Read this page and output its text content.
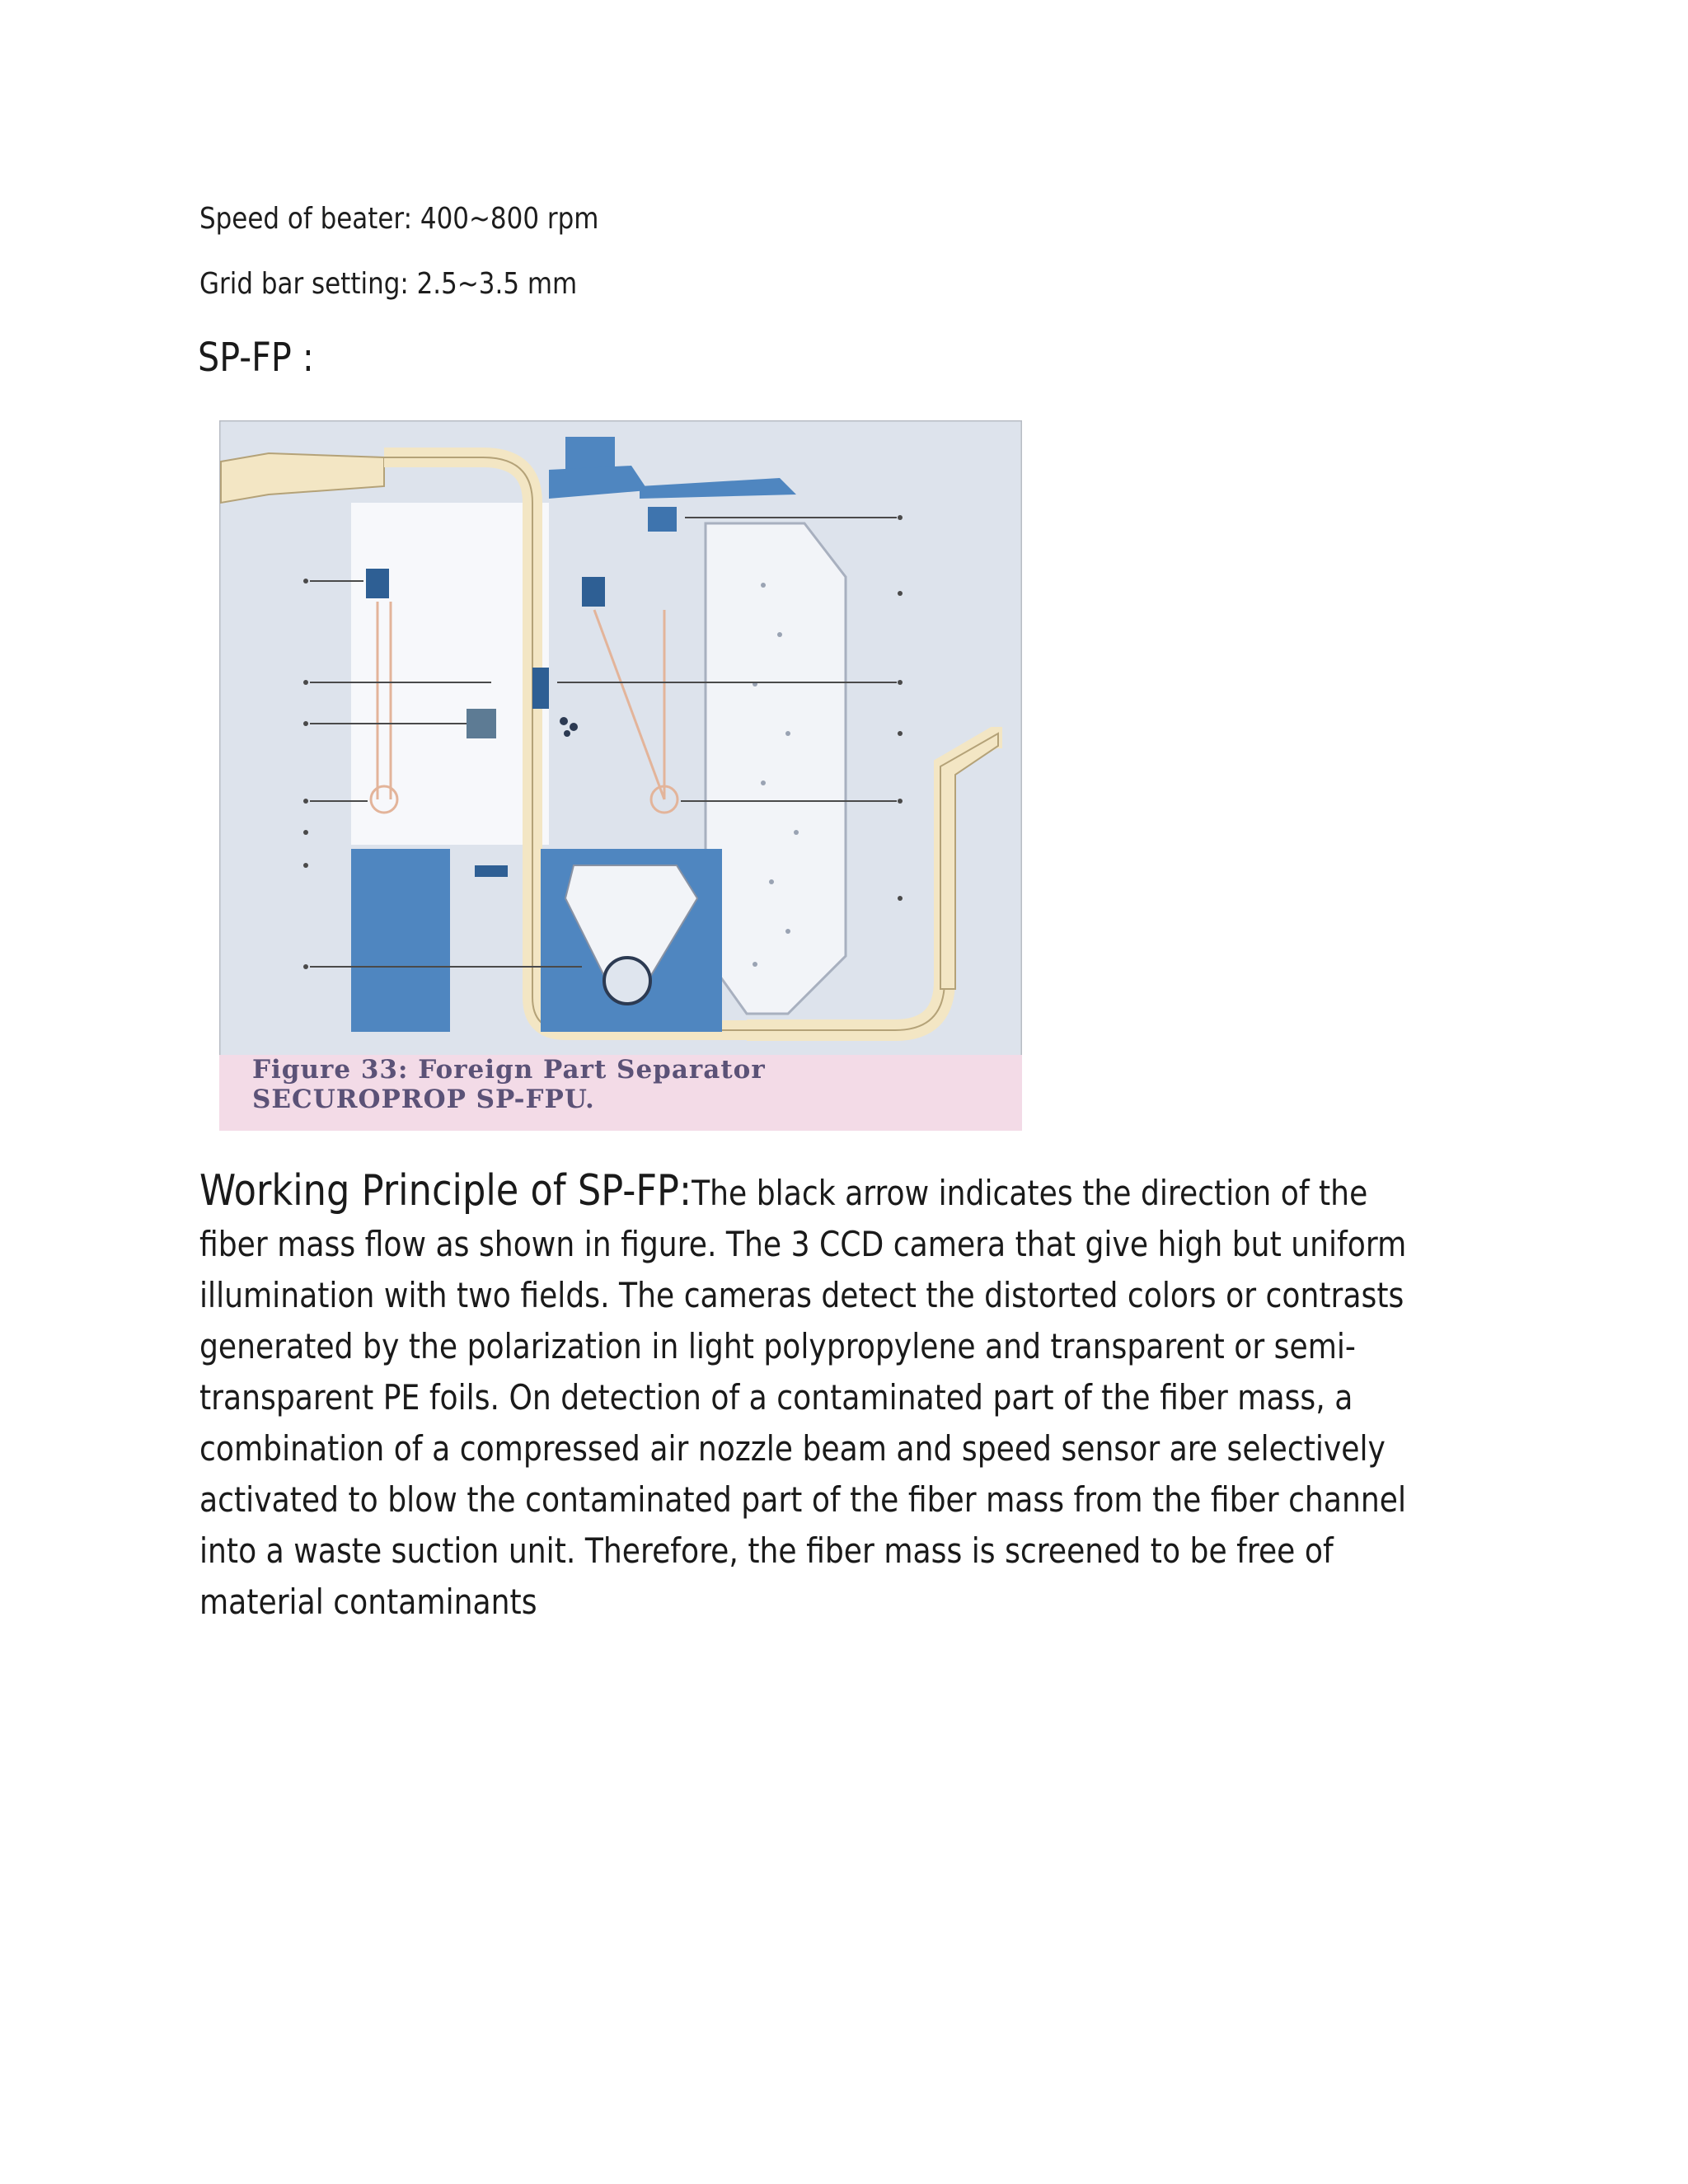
Speed of beater: 400~800 rpm
Grid bar setting: 2.5~3.5 mm
SP-FP :
Figure 33: Foreign Part Separator
SECUROPROP SP-FPU.
Working Principle of SP-FP:The black arrow indicates the direction of the
fiber mass flow as shown in figure. The 3 CCD camera that give high but uniform
illumination with two fields. The cameras detect the distorted colors or contrasts
generated by the polarization in light polypropylene and transparent or semi-
transparent PE foils. On detection of a contaminated part of the fiber mass, a
combination of a compressed air nozzle beam and speed sensor are selectively
activated to blow the contaminated part of the fiber mass from the fiber channel
into a waste suction unit. Therefore, the fiber mass is screened to be free of
material contaminants
